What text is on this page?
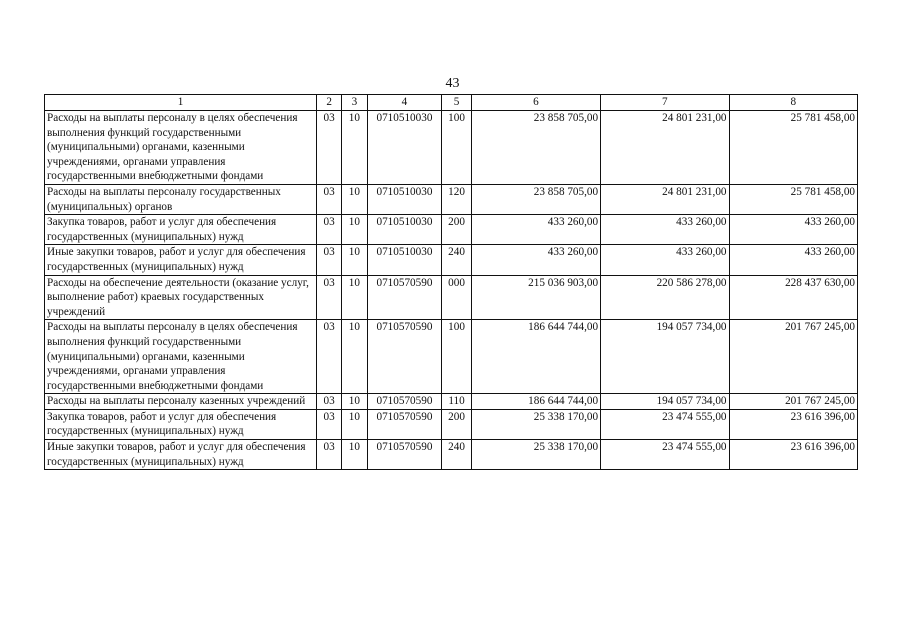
43
1	2	3	4	5	6	7	8
Расходы на выплаты персоналу в целях обеспечения выполнения функций государственными (муниципальными) органами, казенными учреждениями, органами управления государственными внебюджетными фондами	03	10	0710510030	100	23 858 705,00	24 801 231,00	25 781 458,00
Расходы на выплаты персоналу государственных (муниципальных) органов	03	10	0710510030	120	23 858 705,00	24 801 231,00	25 781 458,00
Закупка товаров, работ и услуг для обеспечения государственных (муниципальных) нужд	03	10	0710510030	200	433 260,00	433 260,00	433 260,00
Иные закупки товаров, работ и услуг для обеспечения государственных (муниципальных) нужд	03	10	0710510030	240	433 260,00	433 260,00	433 260,00
Расходы на обеспечение деятельности (оказание услуг, выполнение работ) краевых государственных учреждений	03	10	0710570590	000	215 036 903,00	220 586 278,00	228 437 630,00
Расходы на выплаты персоналу в целях обеспечения выполнения функций государственными (муниципальными) органами, казенными учреждениями, органами управления государственными внебюджетными фондами	03	10	0710570590	100	186 644 744,00	194 057 734,00	201 767 245,00
Расходы на выплаты персоналу казенных учреждений	03	10	0710570590	110	186 644 744,00	194 057 734,00	201 767 245,00
Закупка товаров, работ и услуг для обеспечения государственных (муниципальных) нужд	03	10	0710570590	200	25 338 170,00	23 474 555,00	23 616 396,00
Иные закупки товаров, работ и услуг для обеспечения государственных (муниципальных) нужд	03	10	0710570590	240	25 338 170,00	23 474 555,00	23 616 396,00
